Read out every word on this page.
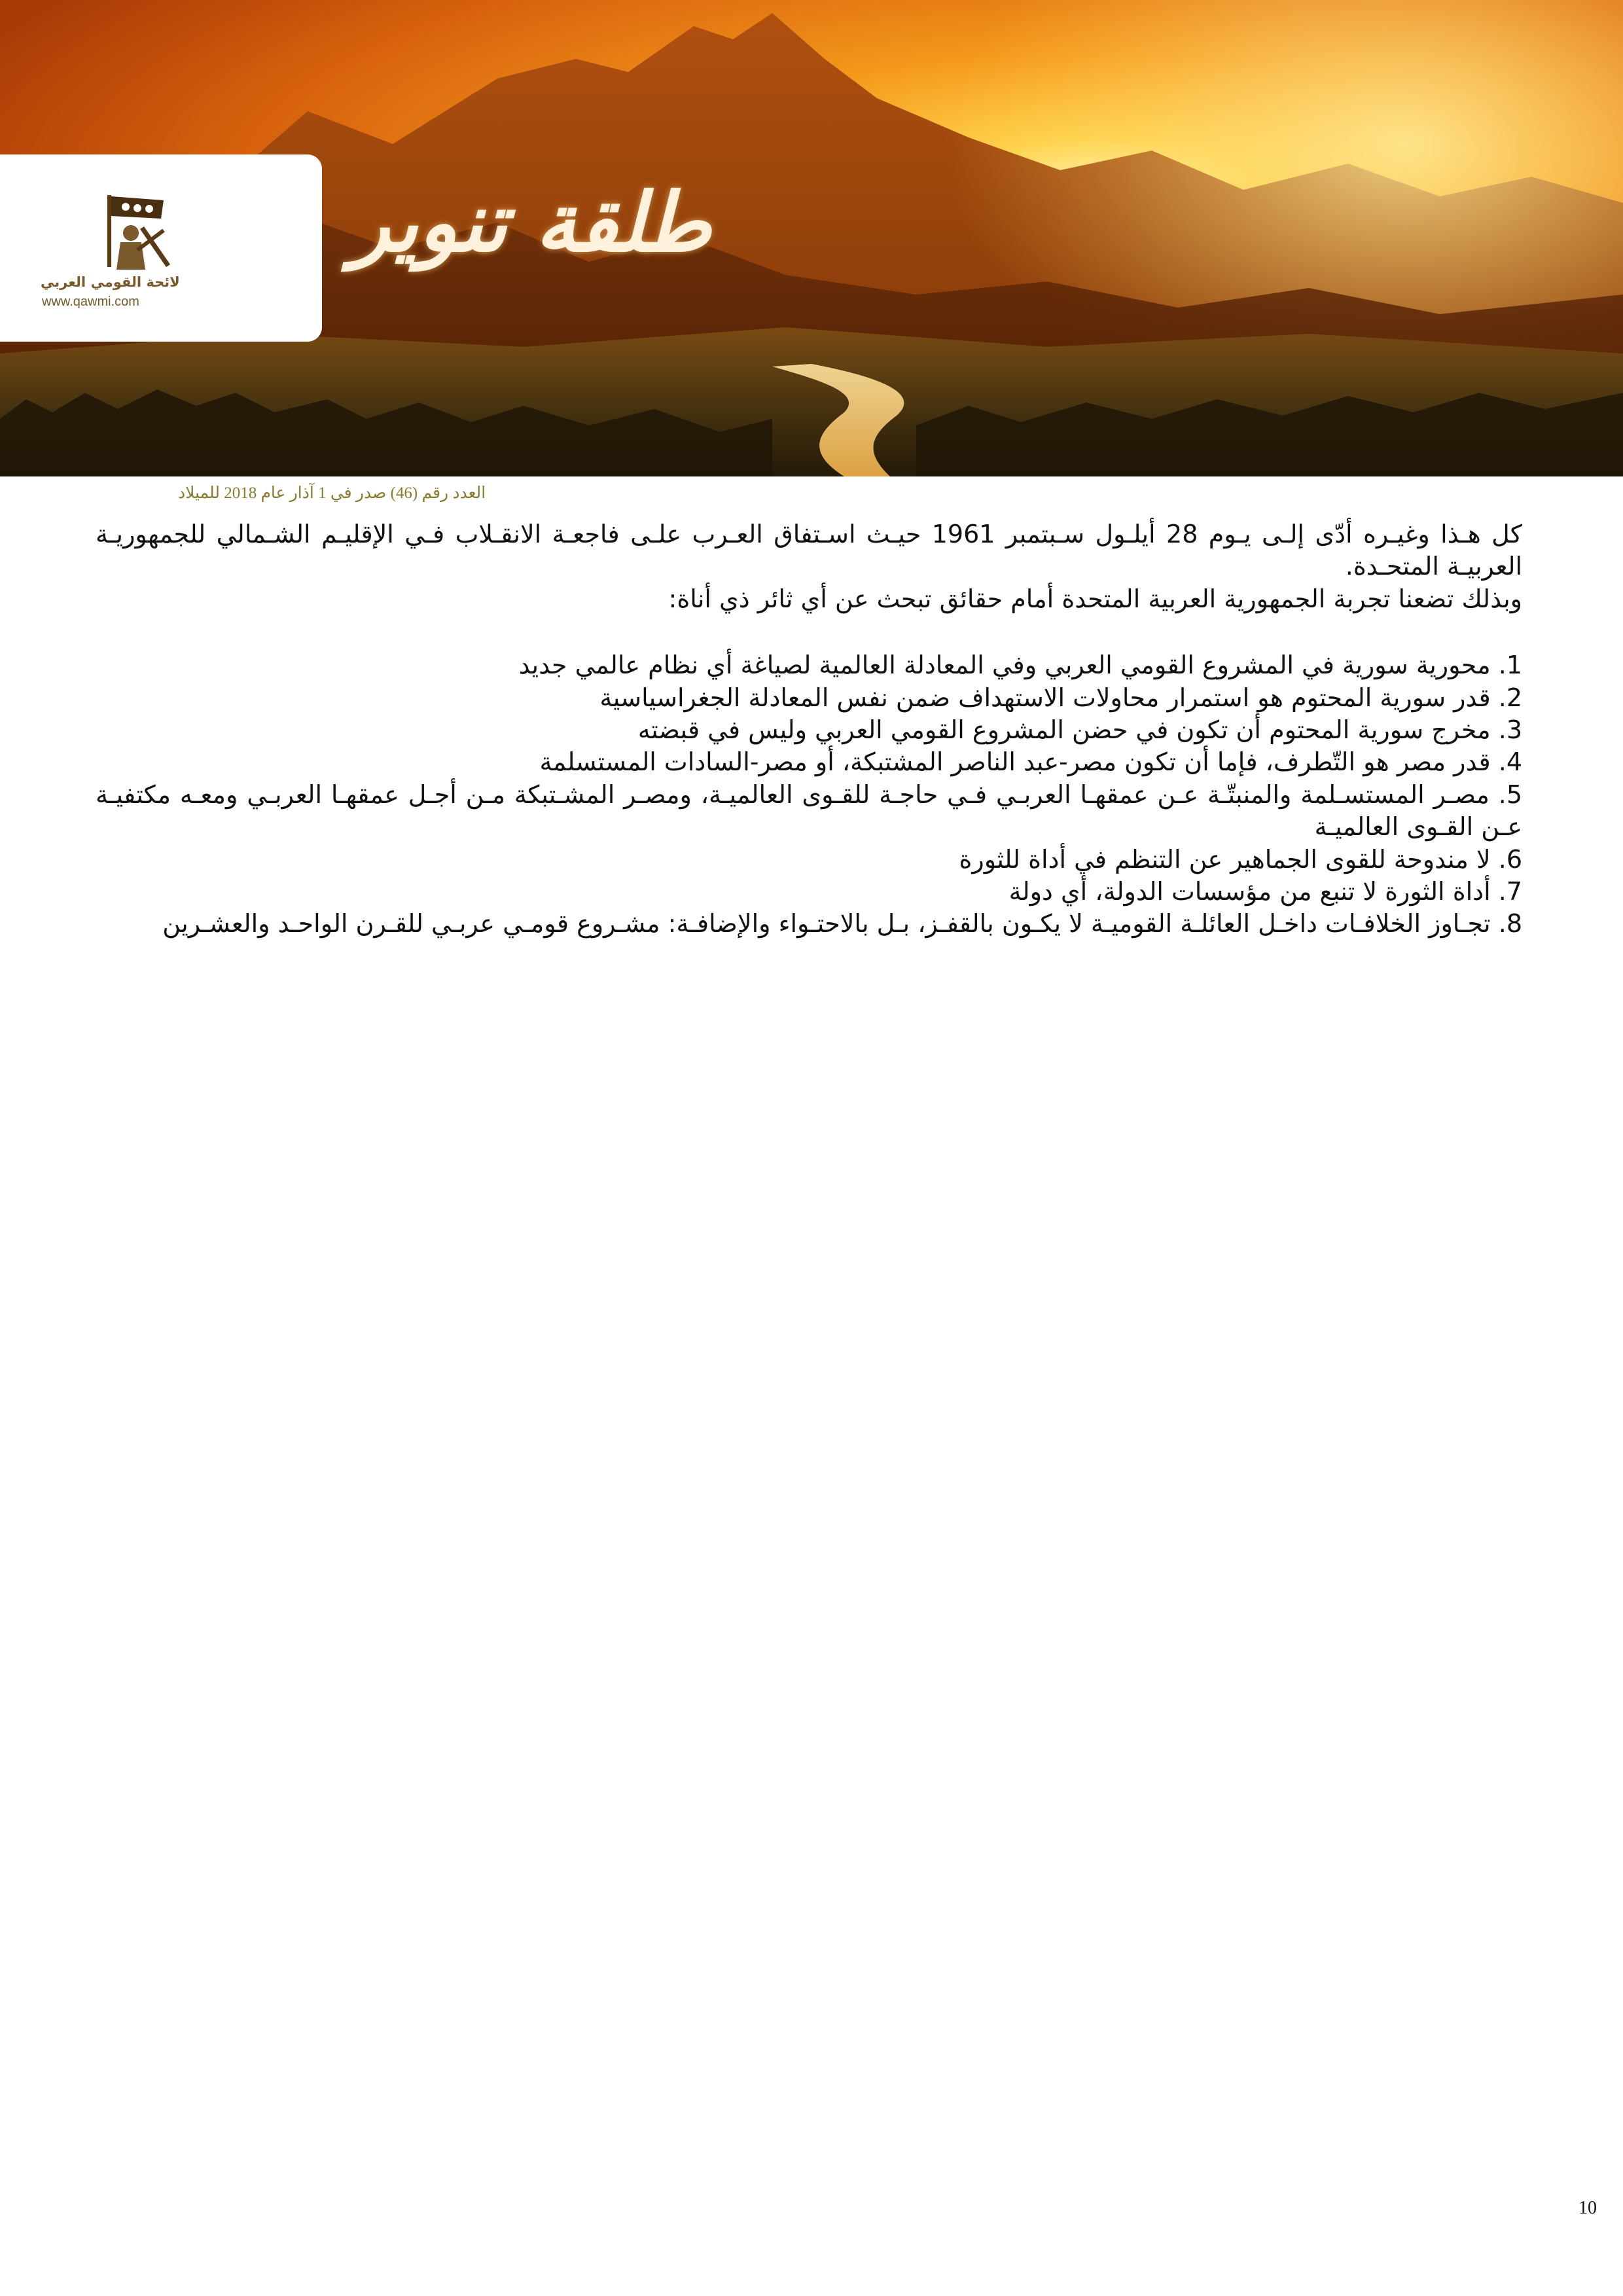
لائحة القومي العربي
www.qawmi.com
طلقة تنوير
العدد رقم (46) صدر في 1 آذار عام 2018 للميلاد

كل هـذا وغيـره أدّى إلـى يـوم 28 أيلـول سـبتمبر 1961 حيـث اسـتفاق العـرب علـى فاجعـة الانقـلاب فـي الإقليـم الشـمالي للجمهوريـة العربيـة المتحـدة.

وبذلك تضعنا تجربة الجمهورية العربية المتحدة أمام حقائق تبحث عن أي ثائر ذي أناة:

1. محورية سورية في المشروع القومي العربي وفي المعادلة العالمية لصياغة أي نظام عالمي جديد
2. قدر سورية المحتوم هو استمرار محاولات الاستهداف ضمن نفس المعادلة الجغراسياسية
3. مخرج سورية المحتوم أن تكون في حضن المشروع القومي العربي وليس في قبضته
4. قدر مصر هو التّطرف، فإما أن تكون مصر-عبد الناصر المشتبكة، أو مصر-السادات المستسلمة
5. مصـر المستسـلمة والمنبتّـة عـن عمقهـا العربـي فـي حاجـة للقـوى العالميـة، ومصـر المشـتبكة مـن أجـل عمقهـا العربـي ومعـه مكتفيـة عـن القـوى العالميـة
6. لا مندوحة للقوى الجماهير عن التنظم في أداة للثورة
7. أداة الثورة لا تنبع من مؤسسات الدولة، أي دولة
8. تجـاوز الخلافـات داخـل العائلـة القوميـة لا يكـون بالقفـز، بـل بالاحتـواء والإضافـة: مشـروع قومـي عربـي للقـرن الواحـد والعشـرين
10
